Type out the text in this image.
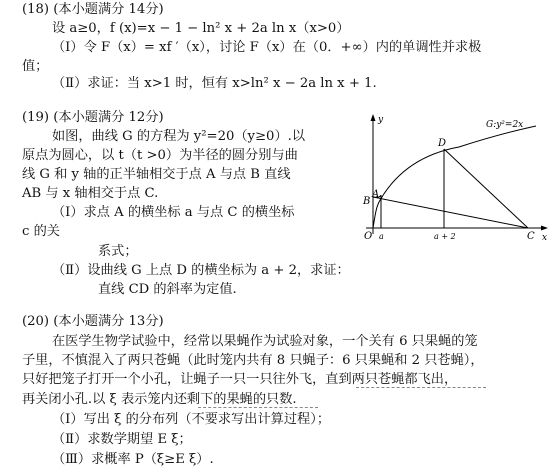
(18) (本小题满分 14分)
设 a≥0，f (x)=x − 1 − ln² x + 2a ln x（x>0）
（Ⅰ）令 F（x）= xf ′（x），讨论 F（x）在（0．+∞）内的单调性并求极
值；
（Ⅱ）求证：当 x>1 时，恒有 x>ln² x − 2a ln x + 1.
(19) (本小题满分 12分)
如图，曲线 G 的方程为 y²=20（y≥0）.以
原点为圆心，以 t（t >0）为半径的圆分别与曲
线 G 和 y 轴的正半轴相交于点 A 与点 B 直线
AB 与 x 轴相交于点 C.
（Ⅰ）求点 A 的横坐标 a 与点 C 的横坐标
c 的关
系式；
（Ⅱ）设曲线 G 上点 D 的横坐标为 a + 2，求证：
直线 CD 的斜率为定值.
y
x
O
A
B
C
D
a	a + 2
G:y²=2x
(20) (本小题满分 13分)
在医学生物学试验中，经常以果蝇作为试验对象，一个关有 6 只果蝇的笼
子里，不慎混入了两只苍蝇（此时笼内共有 8 只蝇子：6 只果蝇和 2 只苍蝇），
只好把笼子打开一个小孔，让蝇子一只一只往外飞，直到两只苍蝇都飞出，
再关闭小孔.以 ξ 表示笼内还剩下的果蝇的只数.
（Ⅰ）写出 ξ 的分布列（不要求写出计算过程）；
（Ⅱ）求数学期望 E ξ；
（Ⅲ）求概率 P（ξ≥E ξ）.
